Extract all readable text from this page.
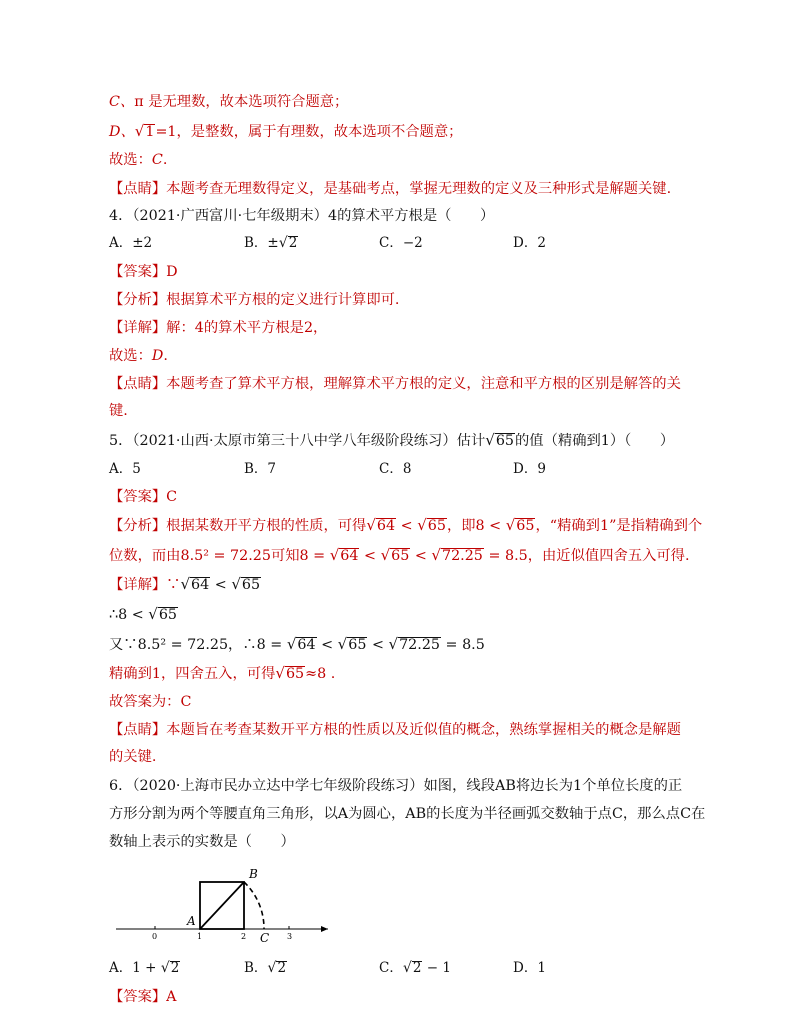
C、π 是无理数，故本选项符合题意；
D、√1=1，是整数，属于有理数，故本选项不合题意；
故选：C.
【点睛】本题考查无理数得定义，是基础考点，掌握无理数的定义及三种形式是解题关键.
4．（2021·广西富川·七年级期末）4的算术平方根是（　　）
A．±2	B．±√2	C．−2	D．2
【答案】D
【分析】根据算术平方根的定义进行计算即可.
【详解】解：4的算术平方根是2，
故选：D.
【点睛】本题考查了算术平方根，理解算术平方根的定义，注意和平方根的区别是解答的关
键.
5．（2021·山西·太原市第三十八中学八年级阶段练习）估计√65的值（精确到1）（　　）
A．5	B．7	C．8	D．9
【答案】C
【分析】根据某数开平方根的性质，可得√64 < √65，即8 < √65，“精确到1”是指精确到个
位数，而由8.5² = 72.25可知8 = √64 < √65 < √72.25 = 8.5，由近似值四舍五入可得.
【详解】∵√64 < √65
∴8 < √65
又∵8.5² = 72.25，∴8 = √64 < √65 < √72.25 = 8.5
精确到1，四舍五入，可得√65≈8 .
故答案为：C
【点睛】本题旨在考查某数开平方根的性质以及近似值的概念，熟练掌握相关的概念是解题
的关键.
6．（2020·上海市民办立达中学七年级阶段练习）如图，线段AB将边长为1个单位长度的正
方形分割为两个等腰直角三角形，以A为圆心，AB的长度为半径画弧交数轴于点C，那么点C在
数轴上表示的实数是（　　）
A
B
C
0	1	2	3
A．1 + √2	B．√2	C．√2 − 1	D．1
【答案】A
